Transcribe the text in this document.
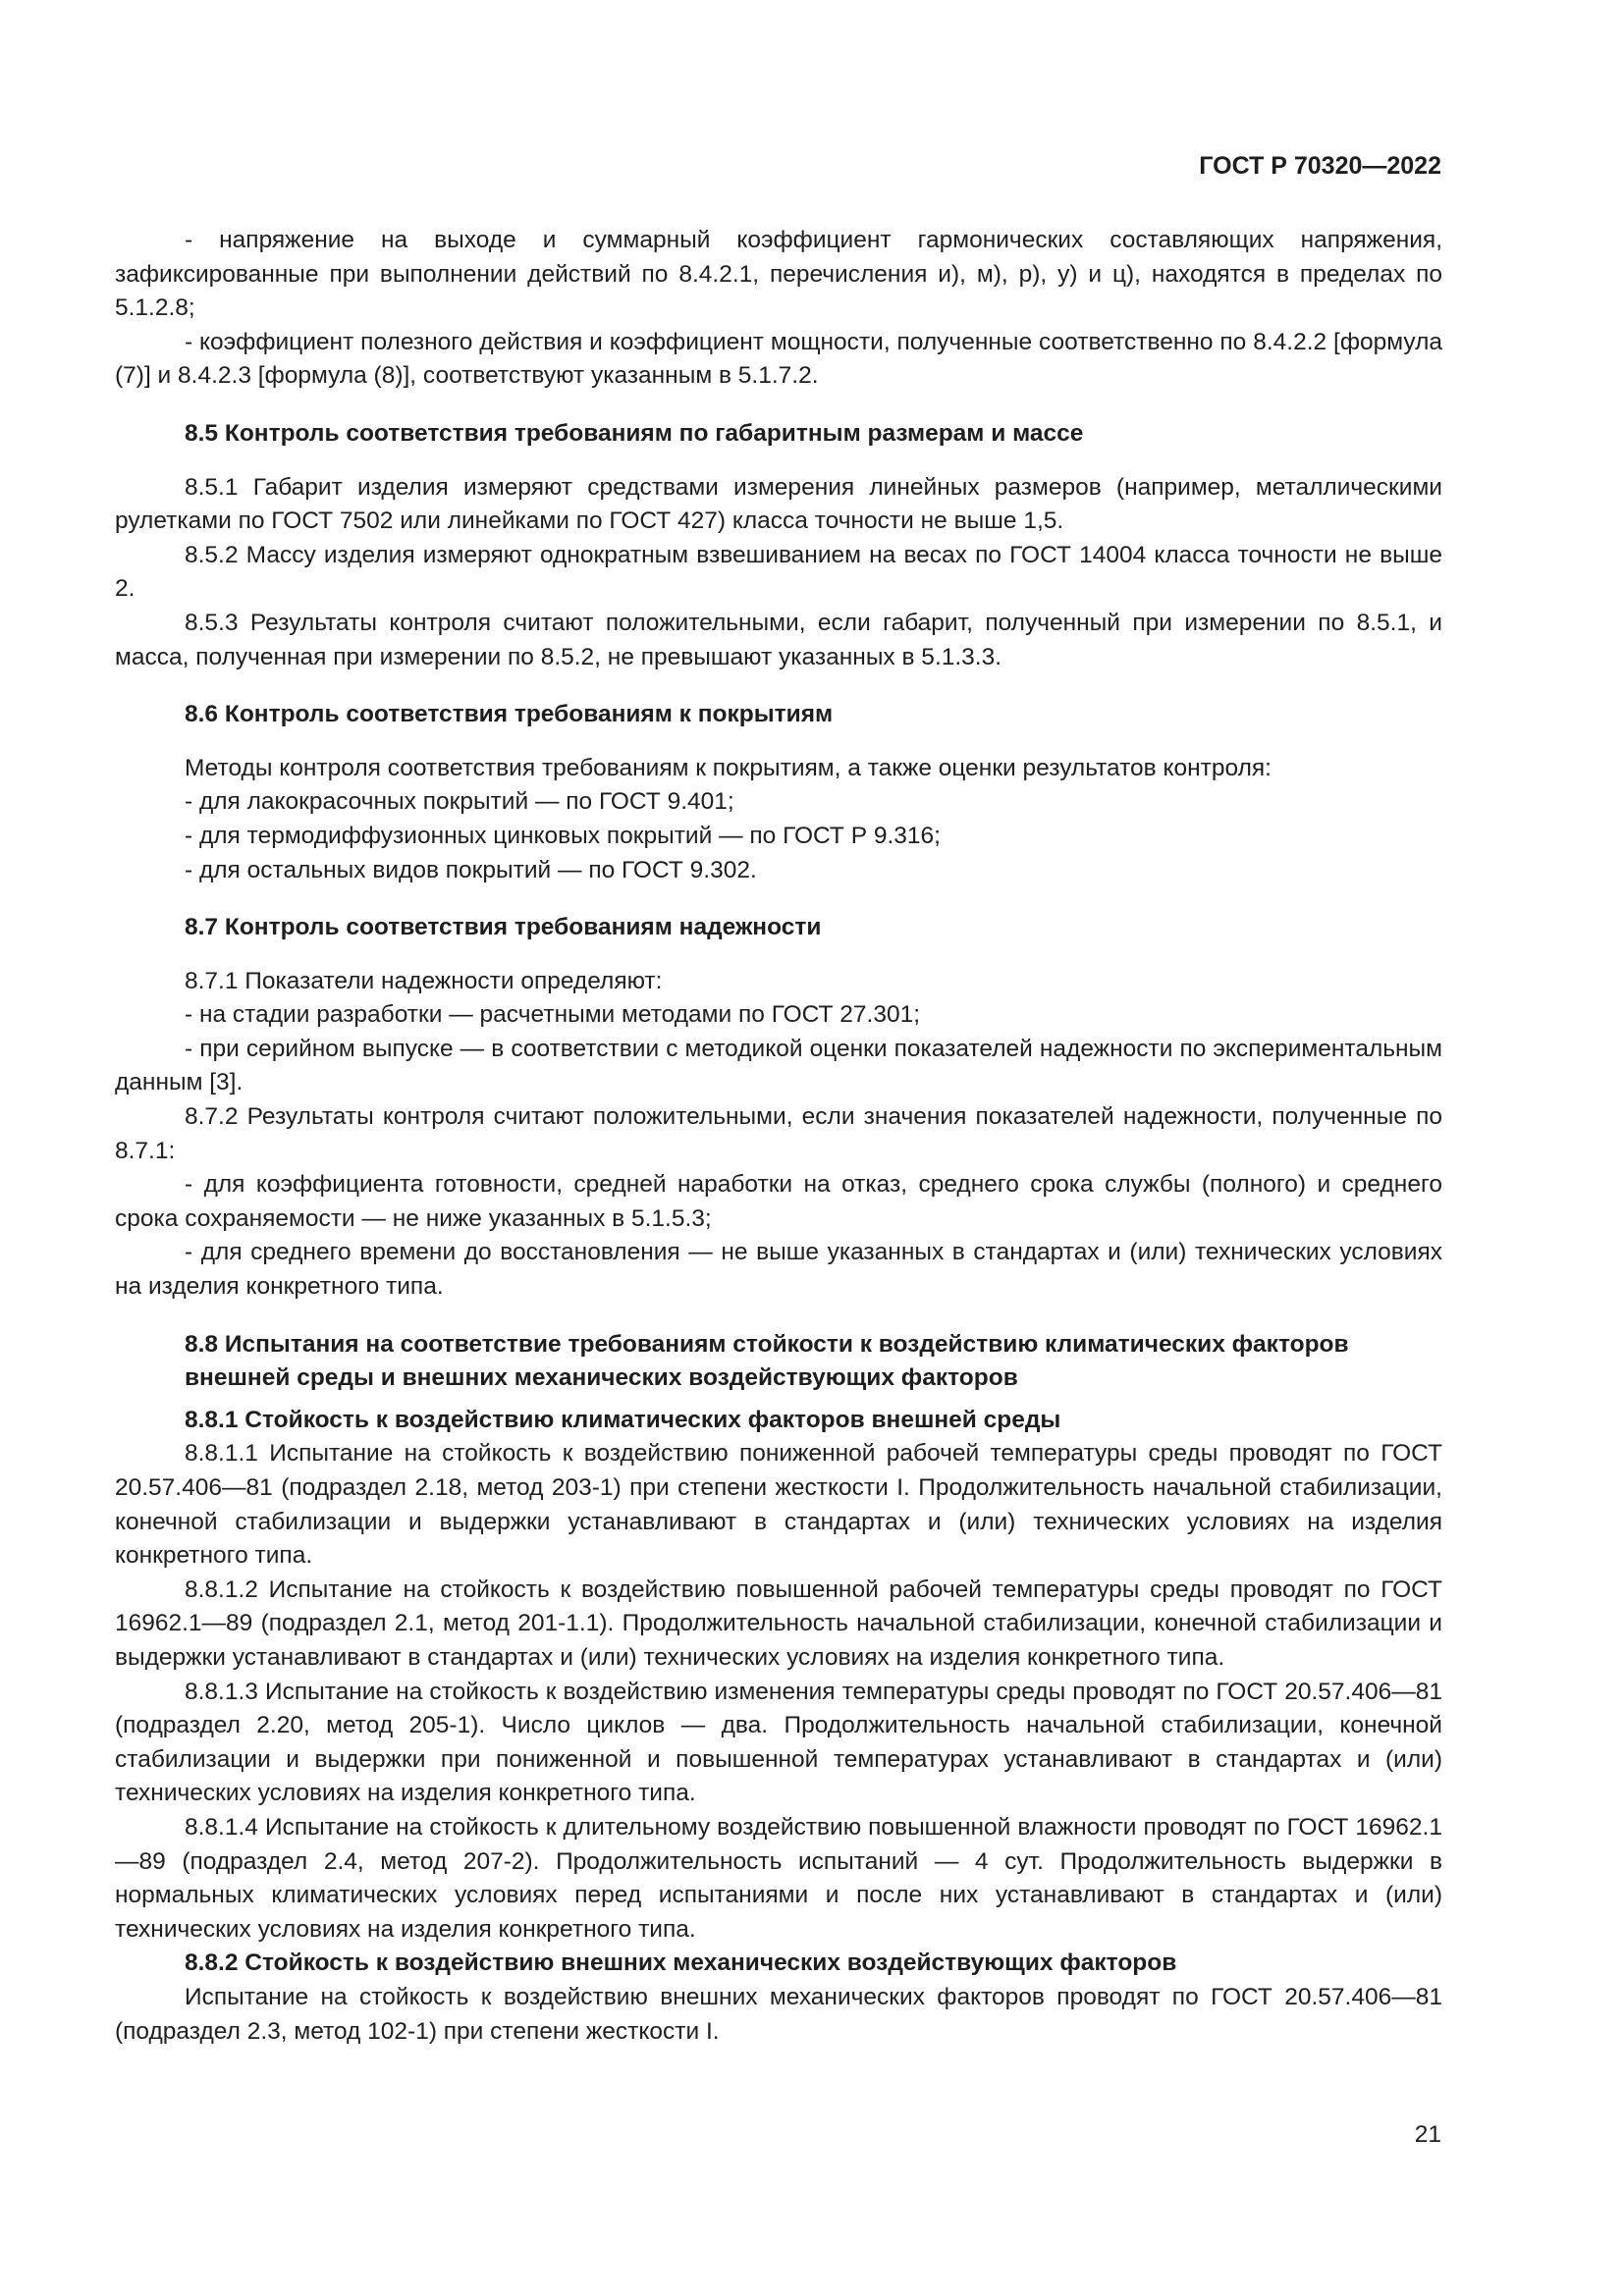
ГОСТ Р 70320—2022

- напряжение на выходе и суммарный коэффициент гармонических составляющих напряжения, зафиксированные при выполнении действий по 8.4.2.1, перечисления и), м), р), у) и ц), находятся в пределах по 5.1.2.8;

- коэффициент полезного действия и коэффициент мощности, полученные соответственно по 8.4.2.2 [формула (7)] и 8.4.2.3 [формула (8)], соответствуют указанным в 5.1.7.2.

8.5 Контроль соответствия требованиям по габаритным размерам и массе

8.5.1 Габарит изделия измеряют средствами измерения линейных размеров (например, металлическими рулетками по ГОСТ 7502 или линейками по ГОСТ 427) класса точности не выше 1,5.

8.5.2 Массу изделия измеряют однократным взвешиванием на весах по ГОСТ 14004 класса точности не выше 2.

8.5.3 Результаты контроля считают положительными, если габарит, полученный при измерении по 8.5.1, и масса, полученная при измерении по 8.5.2, не превышают указанных в 5.1.3.3.

8.6 Контроль соответствия требованиям к покрытиям

Методы контроля соответствия требованиям к покрытиям, а также оценки результатов контроля:

- для лакокрасочных покрытий — по ГОСТ 9.401;

- для термодиффузионных цинковых покрытий — по ГОСТ Р 9.316;

- для остальных видов покрытий — по ГОСТ 9.302.

8.7 Контроль соответствия требованиям надежности

8.7.1 Показатели надежности определяют:

- на стадии разработки — расчетными методами по ГОСТ 27.301;

- при серийном выпуске — в соответствии с методикой оценки показателей надежности по экспериментальным данным [3].

8.7.2 Результаты контроля считают положительными, если значения показателей надежности, полученные по 8.7.1:

- для коэффициента готовности, средней наработки на отказ, среднего срока службы (полного) и среднего срока сохраняемости — не ниже указанных в 5.1.5.3;

- для среднего времени до восстановления — не выше указанных в стандартах и (или) технических условиях на изделия конкретного типа.

8.8 Испытания на соответствие требованиям стойкости к воздействию климатических факторов внешней среды и внешних механических воздействующих факторов
8.8.1 Стойкость к воздействию климатических факторов внешней среды

8.8.1.1 Испытание на стойкость к воздействию пониженной рабочей температуры среды проводят по ГОСТ 20.57.406—81 (подраздел 2.18, метод 203-1) при степени жесткости I. Продолжительность начальной стабилизации, конечной стабилизации и выдержки устанавливают в стандартах и (или) технических условиях на изделия конкретного типа.

8.8.1.2 Испытание на стойкость к воздействию повышенной рабочей температуры среды проводят по ГОСТ 16962.1—89 (подраздел 2.1, метод 201-1.1). Продолжительность начальной стабилизации, конечной стабилизации и выдержки устанавливают в стандартах и (или) технических условиях на изделия конкретного типа.

8.8.1.3 Испытание на стойкость к воздействию изменения температуры среды проводят по ГОСТ 20.57.406—81 (подраздел 2.20, метод 205-1). Число циклов — два. Продолжительность начальной стабилизации, конечной стабилизации и выдержки при пониженной и повышенной температурах устанавливают в стандартах и (или) технических условиях на изделия конкретного типа.

8.8.1.4 Испытание на стойкость к длительному воздействию повышенной влажности проводят по ГОСТ 16962.1—89 (подраздел 2.4, метод 207-2). Продолжительность испытаний — 4 сут. Продолжительность выдержки в нормальных климатических условиях перед испытаниями и после них устанавливают в стандартах и (или) технических условиях на изделия конкретного типа.

8.8.2 Стойкость к воздействию внешних механических воздействующих факторов

Испытание на стойкость к воздействию внешних механических факторов проводят по ГОСТ 20.57.406—81 (подраздел 2.3, метод 102-1) при степени жесткости I.

21
